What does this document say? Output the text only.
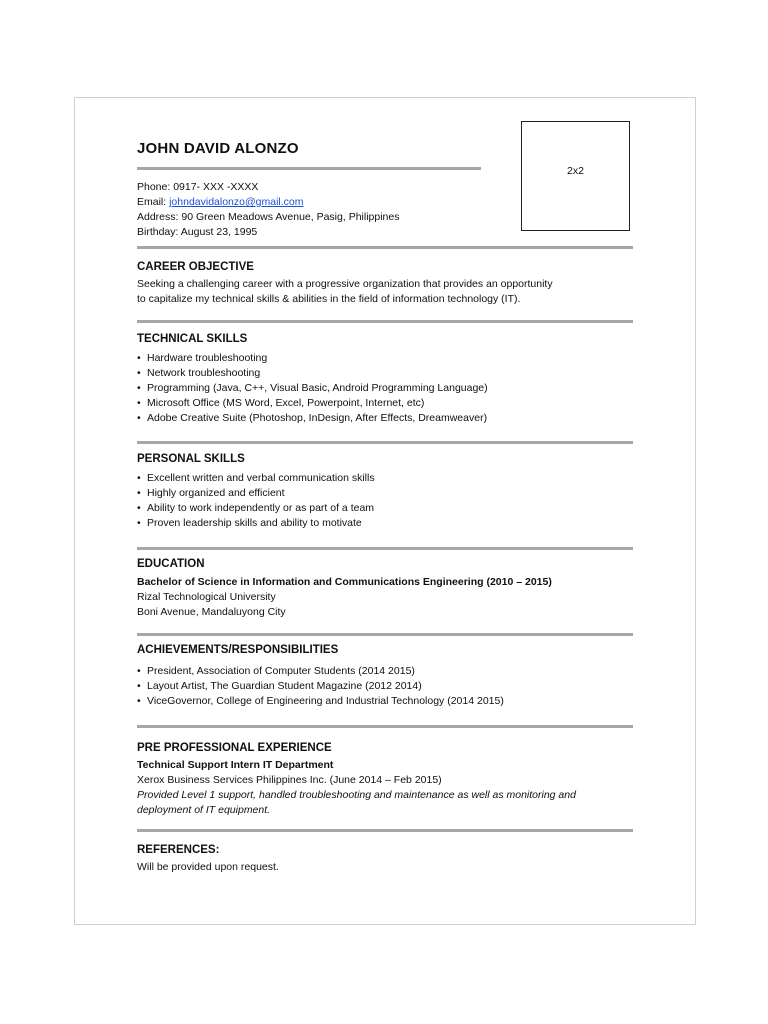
JOHN DAVID ALONZO
Phone: 0917- XXX -XXXX
Email: johndavidalonzo@gmail.com
Address: 90 Green Meadows Avenue, Pasig, Philippines
Birthday: August 23, 1995
2x2
CAREER OBJECTIVE
Seeking a challenging career with a progressive organization that provides an opportunity
to capitalize my technical skills & abilities in the field of information technology (IT).
TECHNICAL SKILLS
• Hardware troubleshooting
• Network troubleshooting
• Programming (Java, C++, Visual Basic, Android Programming Language)
• Microsoft Office (MS Word, Excel, Powerpoint, Internet, etc)
• Adobe Creative Suite (Photoshop, InDesign, After Effects, Dreamweaver)
PERSONAL SKILLS
• Excellent written and verbal communication skills
• Highly organized and efficient
• Ability to work independently or as part of a team
• Proven leadership skills and ability to motivate
EDUCATION
Bachelor of Science in Information and Communications Engineering (2010 – 2015)
Rizal Technological University
Boni Avenue, Mandaluyong City
ACHIEVEMENTS/RESPONSIBILITIES
• President, Association of Computer Students (2014 2015)
• Layout Artist, The Guardian Student Magazine (2012 2014)
• ViceGovernor, College of Engineering and Industrial Technology (2014 2015)
PRE PROFESSIONAL EXPERIENCE
Technical Support Intern IT Department
Xerox Business Services Philippines Inc. (June 2014 – Feb 2015)
Provided Level 1 support, handled troubleshooting and maintenance as well as monitoring and
deployment of IT equipment.
REFERENCES:
Will be provided upon request.
